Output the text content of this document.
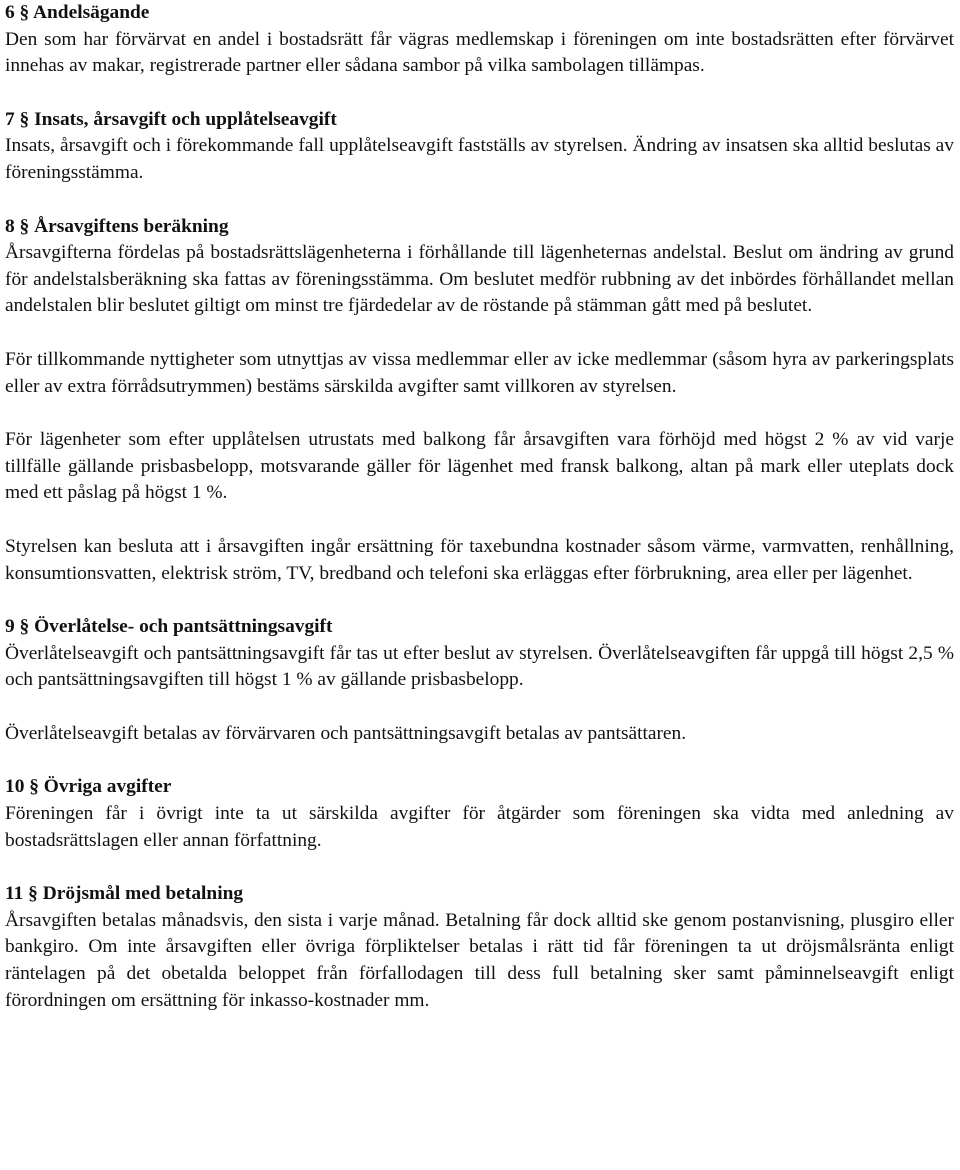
6 § Andelsägande

Den som har förvärvat en andel i bostadsrätt får vägras medlemskap i föreningen om inte bostadsrätten efter förvärvet innehas av makar, registrerade partner eller sådana sambor på vilka sambolagen tillämpas.

7 § Insats, årsavgift och upplåtelseavgift

Insats, årsavgift och i förekommande fall upplåtelseavgift fastställs av styrelsen. Ändring av insatsen ska alltid beslutas av föreningsstämma.

8 § Årsavgiftens beräkning

Årsavgifterna fördelas på bostadsrättslägenheterna i förhållande till lägenheternas andelstal. Beslut om ändring av grund för andelstalsberäkning ska fattas av föreningsstämma. Om beslutet medför rubbning av det inbördes förhållandet mellan andelstalen blir beslutet giltigt om minst tre fjärdedelar av de röstande på stämman gått med på beslutet.

För tillkommande nyttigheter som utnyttjas av vissa medlemmar eller av icke medlemmar (såsom hyra av parkeringsplats eller av extra förrådsutrymmen) bestäms särskilda avgifter samt villkoren av styrelsen.

För lägenheter som efter upplåtelsen utrustats med balkong får årsavgiften vara förhöjd med högst 2 % av vid varje tillfälle gällande prisbasbelopp, motsvarande gäller för lägenhet med fransk balkong, altan på mark eller uteplats dock med ett påslag på högst 1 %.

Styrelsen kan besluta att i årsavgiften ingår ersättning för taxebundna kostnader såsom värme, varmvatten, renhållning, konsumtionsvatten, elektrisk ström, TV, bredband och telefoni ska erläggas efter förbrukning, area eller per lägenhet.

9 § Överlåtelse- och pantsättningsavgift

Överlåtelseavgift och pantsättningsavgift får tas ut efter beslut av styrelsen. Överlåtelseavgiften får uppgå till högst 2,5 % och pantsättningsavgiften till högst 1 % av gällande prisbasbelopp.

Överlåtelseavgift betalas av förvärvaren och pantsättningsavgift betalas av pantsättaren.

10 § Övriga avgifter

Föreningen får i övrigt inte ta ut särskilda avgifter för åtgärder som föreningen ska vidta med anledning av bostadsrättslagen eller annan författning.

11 § Dröjsmål med betalning

Årsavgiften betalas månadsvis, den sista i varje månad. Betalning får dock alltid ske genom postanvisning, plusgiro eller bankgiro. Om inte årsavgiften eller övriga förpliktelser betalas i rätt tid får föreningen ta ut dröjsmålsränta enligt räntelagen på det obetalda beloppet från förfallodagen till dess full betalning sker samt påminnelseavgift enligt förordningen om ersättning för inkasso-kostnader mm.
